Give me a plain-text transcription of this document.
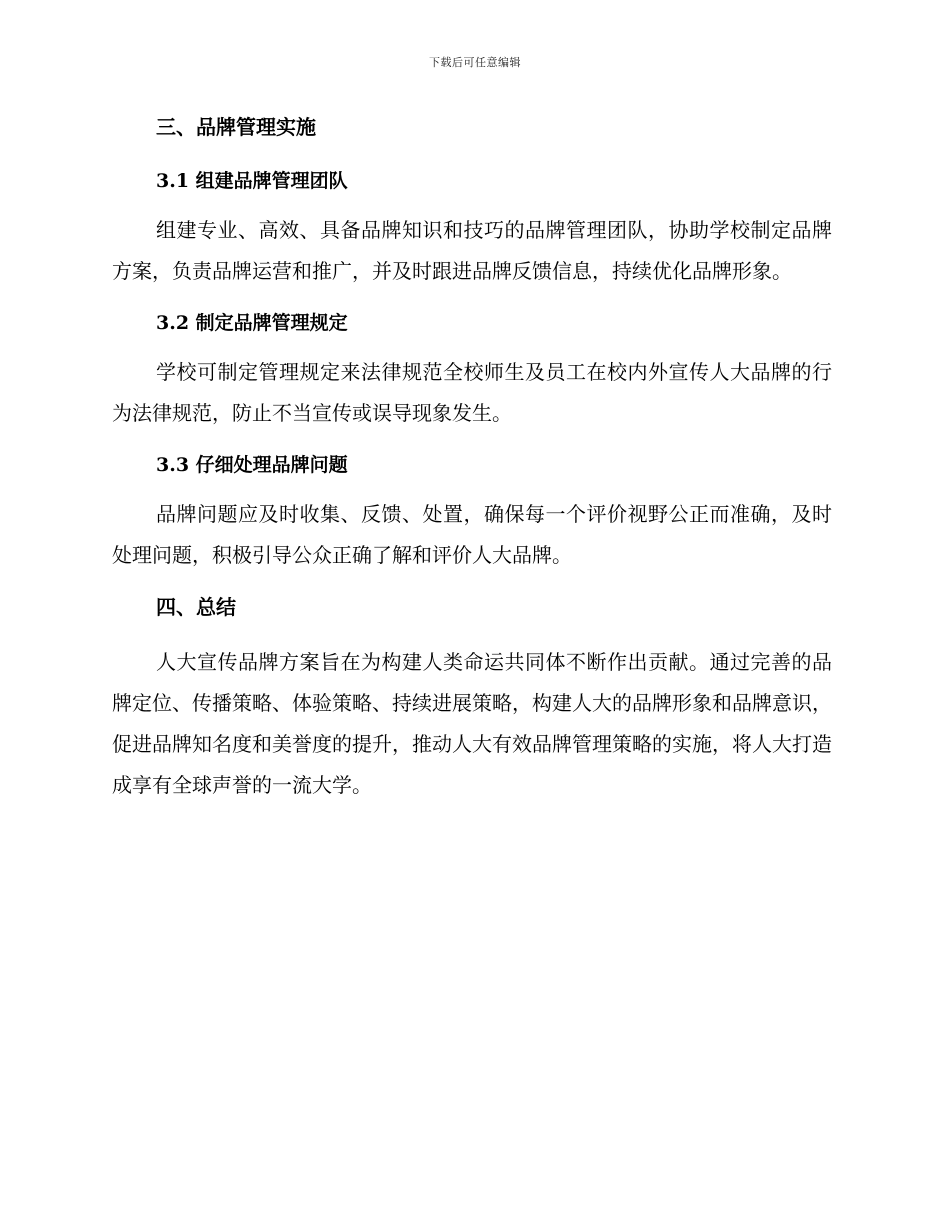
下载后可任意编辑
三、品牌管理实施
3.1 组建品牌管理团队

组建专业、高效、具备品牌知识和技巧的品牌管理团队，协助学校制定品牌方案，负责品牌运营和推广，并及时跟进品牌反馈信息，持续优化品牌形象。

3.2 制定品牌管理规定

学校可制定管理规定来法律规范全校师生及员工在校内外宣传人大品牌的行为法律规范，防止不当宣传或误导现象发生。

3.3 仔细处理品牌问题

品牌问题应及时收集、反馈、处置，确保每一个评价视野公正而准确，及时处理问题，积极引导公众正确了解和评价人大品牌。

四、总结

人大宣传品牌方案旨在为构建人类命运共同体不断作出贡献。通过完善的品牌定位、传播策略、体验策略、持续进展策略，构建人大的品牌形象和品牌意识，促进品牌知名度和美誉度的提升，推动人大有效品牌管理策略的实施，将人大打造成享有全球声誉的一流大学。
